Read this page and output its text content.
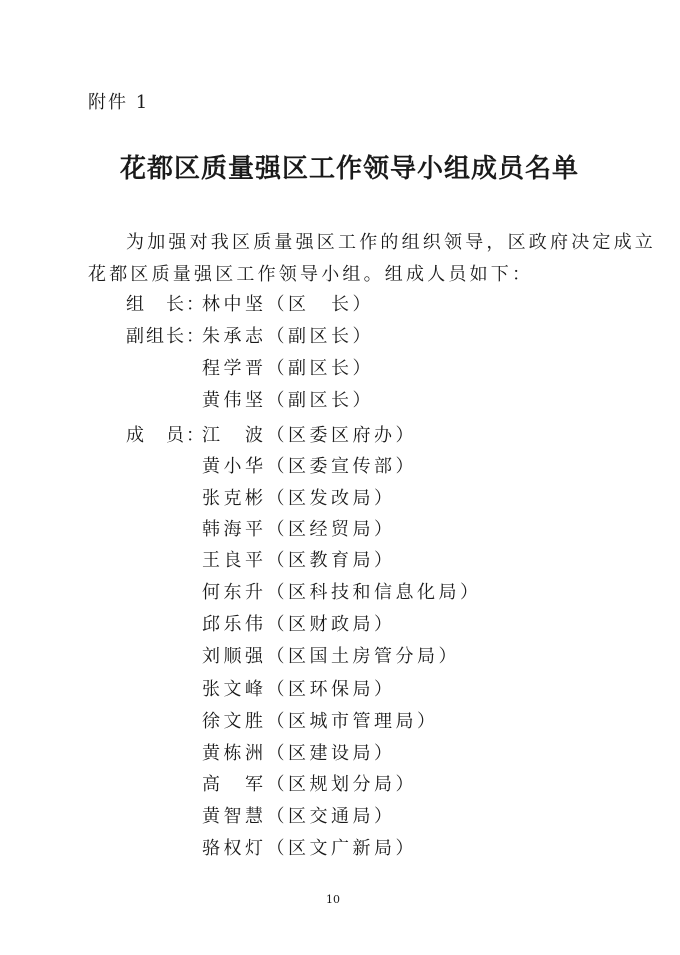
附件 1
花都区质量强区工作领导小组成员名单
为加强对我区质量强区工作的组织领导，区政府决定成立
花都区质量强区工作领导小组。组成人员如下：
组　长：
副组长：
成　员：
林中坚（区　长）
朱承志（副区长）
程学晋（副区长）
黄伟坚（副区长）
江　波（区委区府办）
黄小华（区委宣传部）
张克彬（区发改局）
韩海平（区经贸局）
王良平（区教育局）
何东升（区科技和信息化局）
邱乐伟（区财政局）
刘顺强（区国土房管分局）
张文峰（区环保局）
徐文胜（区城市管理局）
黄栋洲（区建设局）
高　军（区规划分局）
黄智慧（区交通局）
骆权灯（区文广新局）
10
